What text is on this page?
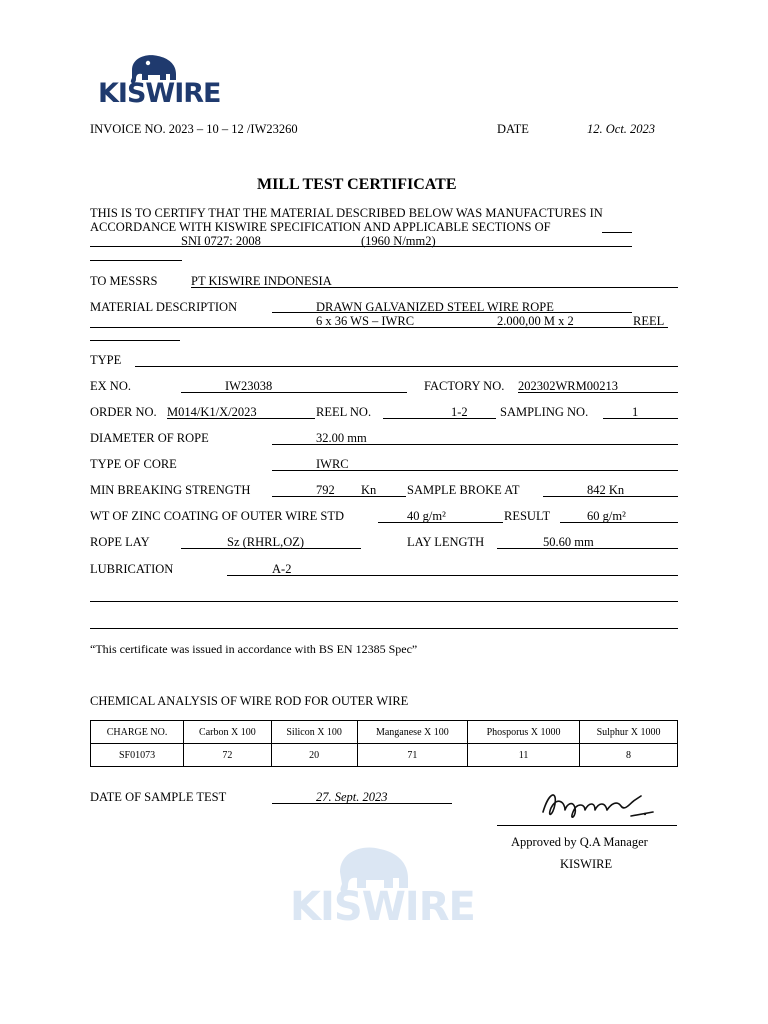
KISWIRE
KISWIRE
INVOICE NO. 2023 – 10 – 12 /IW23260	DATE	12. Oct. 2023
MILL TEST CERTIFICATE
THIS IS TO CERTIFY THAT THE MATERIAL DESCRIBED BELOW WAS MANUFACTURES IN
ACCORDANCE WITH KISWIRE SPECIFICATION AND APPLICABLE SECTIONS OF
SNI 0727: 2008	(1960 N/mm2)
TO MESSRS	PT KISWIRE INDONESIA
MATERIAL DESCRIPTION	DRAWN GALVANIZED STEEL WIRE ROPE
6 x 36 WS – IWRC	2.000,00 M x 2	REEL
TYPE
EX NO.	IW23038	FACTORY NO. 202302WRM00213
ORDER NO. M014/K1/X/2023	REEL NO.	1-2	SAMPLING NO.	1
DIAMETER OF ROPE	32.00 mm
TYPE OF CORE	IWRC
MIN BREAKING STRENGTH	792 Kn SAMPLE BROKE AT	842 Kn
WT OF ZINC COATING OF OUTER WIRE STD	40 g/m²	RESULT	60 g/m²
ROPE LAY	Sz (RHRL,OZ)	LAY LENGTH	50.60 mm
LUBRICATION	A-2
“This certificate was issued in accordance with BS EN 12385 Spec”
CHEMICAL ANALYSIS OF WIRE ROD FOR OUTER WIRE
CHARGE NO.	Carbon X 100	Silicon X 100	Manganese X 100	Phosporus X 1000	Sulphur X 1000
SF01073	72	20	71	11	8
DATE OF SAMPLE TEST	27. Sept. 2023
Approved by Q.A Manager
KISWIRE
